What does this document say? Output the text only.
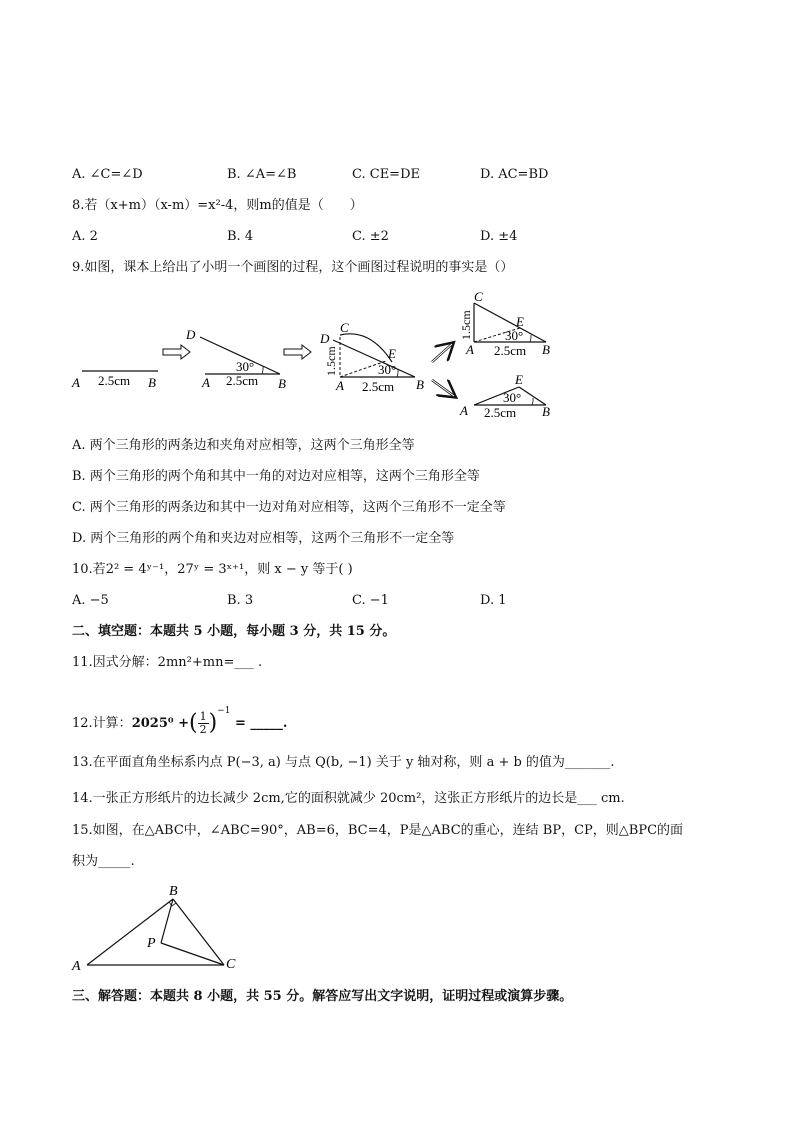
A. ∠C=∠D	B. ∠A=∠B	C. CE=DE	D. AC=BD
8.若（x+m）（x-m）=x²-4，则m的值是（　　）
A. 2	B. 4	C. ±2	D. ±4
9.如图，课本上给出了小明一个画图的过程，这个画图过程说明的事实是（）
A 2.5cm B
D
30°
A 2.5cm B
D
C
E
1.5cm	30°
A 2.5cm B
C
E
1.5cm 30°
A 2.5cm B
E
30°
A 2.5cm B
B
P
A	C
A. 两个三角形的两条边和夹角对应相等，这两个三角形全等
B. 两个三角形的两个角和其中一角的对边对应相等，这两个三角形全等
C. 两个三角形的两条边和其中一边对角对应相等，这两个三角形不一定全等
D. 两个三角形的两个角和夹边对应相等，这两个三角形不一定全等
10.若2² = 4ʸ⁻¹，27ʸ = 3ˣ⁺¹，则 x − y 等于( )
A. −5	B. 3	C. −1	D. 1
二、填空题：本题共 5 小题，每小题 3 分，共 15 分。
11.因式分解：2mn²+mn=___ .
12.计算：2025⁰ +( $\frac{1}{2} )^{-1}$ = _____.
13.在平面直角坐标系内点 P(−3, a) 与点 Q(b, −1) 关于 y 轴对称，则 a + b 的值为_______.
14.一张正方形纸片的边长减少 2cm,它的面积就减少 20cm²，这张正方形纸片的边长是___ cm.
15.如图，在△ABC中，∠ABC=90°，AB=6，BC=4，P是△ABC的重心，连结 BP，CP，则△BPC的面
积为_____.
三、解答题：本题共 8 小题，共 55 分。解答应写出文字说明，证明过程或演算步骤。
